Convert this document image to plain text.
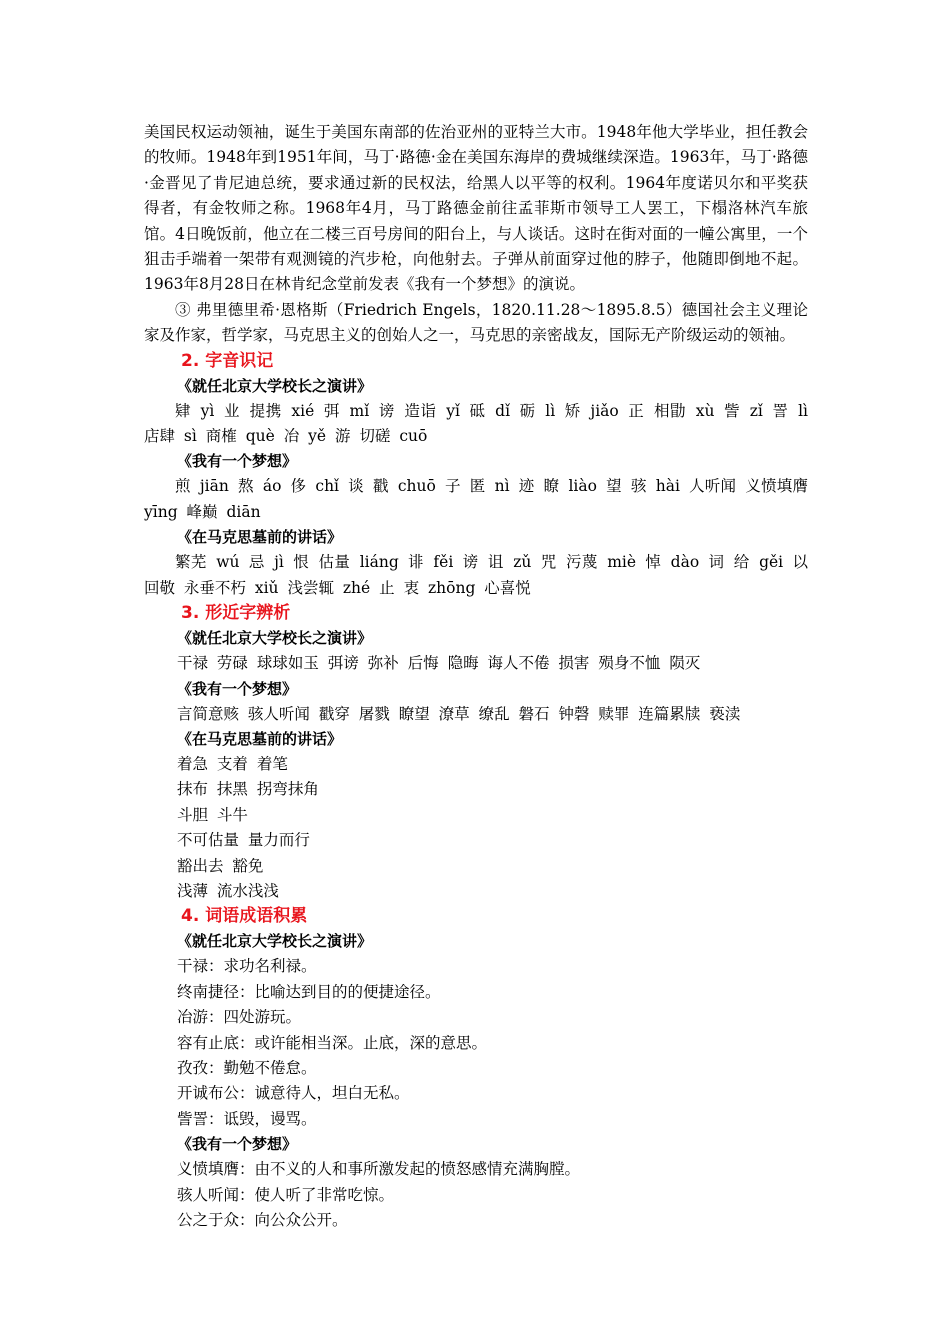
美国民权运动领袖，诞生于美国东南部的佐治亚州的亚特兰大市。1948年他大学毕业，担任教会的牧师。1948年到1951年间，马丁·路德·金在美国东海岸的费城继续深造。1963年，马丁·路德·金晋见了肯尼迪总统，要求通过新的民权法，给黑人以平等的权利。1964年度诺贝尔和平奖获得者，有金牧师之称。1968年4月，马丁路德金前往孟菲斯市领导工人罢工，下榻洛林汽车旅馆。4日晚饭前，他立在二楼三百号房间的阳台上，与人谈话。这时在街对面的一幢公寓里，一个狙击手端着一架带有观测镜的汽步枪，向他射去。子弹从前面穿过他的脖子，他随即倒地不起。1963年8月28日在林肯纪念堂前发表《我有一个梦想》的演说。

③ 弗里德里希·恩格斯（Friedrich Engels，1820.11.28～1895.8.5）德国社会主义理论家及作家，哲学家，马克思主义的创始人之一，马克思的亲密战友，国际无产阶级运动的领袖。

2. 字音识记

《就任北京大学校长之演讲》

肄 yì 业 提携 xié 弭 mǐ 谤 造诣 yǐ 砥 dǐ 砺 lì 矫 jiǎo 正 相勖 xù 訾 zǐ 詈 lì 店肆 sì 商榷 què 冶 yě 游 切磋 cuō

《我有一个梦想》

煎 jiān 熬 áo 侈 chǐ 谈 戳 chuō 子 匿 nì 迹 瞭 liào 望 骇 hài 人听闻 义愤填膺 yīng 峰巅 diān

《在马克思墓前的讲话》

繁芜 wú 忌 jì 恨 估量 liáng 诽 fěi 谤 诅 zǔ 咒 污蔑 miè 悼 dào 词 给 gěi 以回敬 永垂不朽 xiǔ 浅尝辄 zhé 止 衷 zhōng 心喜悦

3. 形近字辨析

《就任北京大学校长之演讲》

干禄 劳碌 球球如玉 弭谤 弥补 后悔 隐晦 诲人不倦 损害 殒身不恤 陨灭

《我有一个梦想》

言简意赅 骇人听闻 戳穿 屠戮 瞭望 潦草 缭乱 磐石 钟磬 赎罪 连篇累牍 亵渎

《在马克思墓前的讲话》

着急 支着 着笔

抹布 抹黑 拐弯抹角

斗胆 斗牛

不可估量 量力而行

豁出去 豁免

浅薄 流水浅浅

4. 词语成语积累

《就任北京大学校长之演讲》

干禄：求功名利禄。

终南捷径：比喻达到目的的便捷途径。

冶游：四处游玩。

容有止底：或许能相当深。止底，深的意思。

孜孜：勤勉不倦怠。

开诚布公：诚意待人，坦白无私。

訾詈：诋毁，谩骂。

《我有一个梦想》

义愤填膺：由不义的人和事所激发起的愤怒感情充满胸膛。

骇人听闻：使人听了非常吃惊。

公之于众：向公众公开。
